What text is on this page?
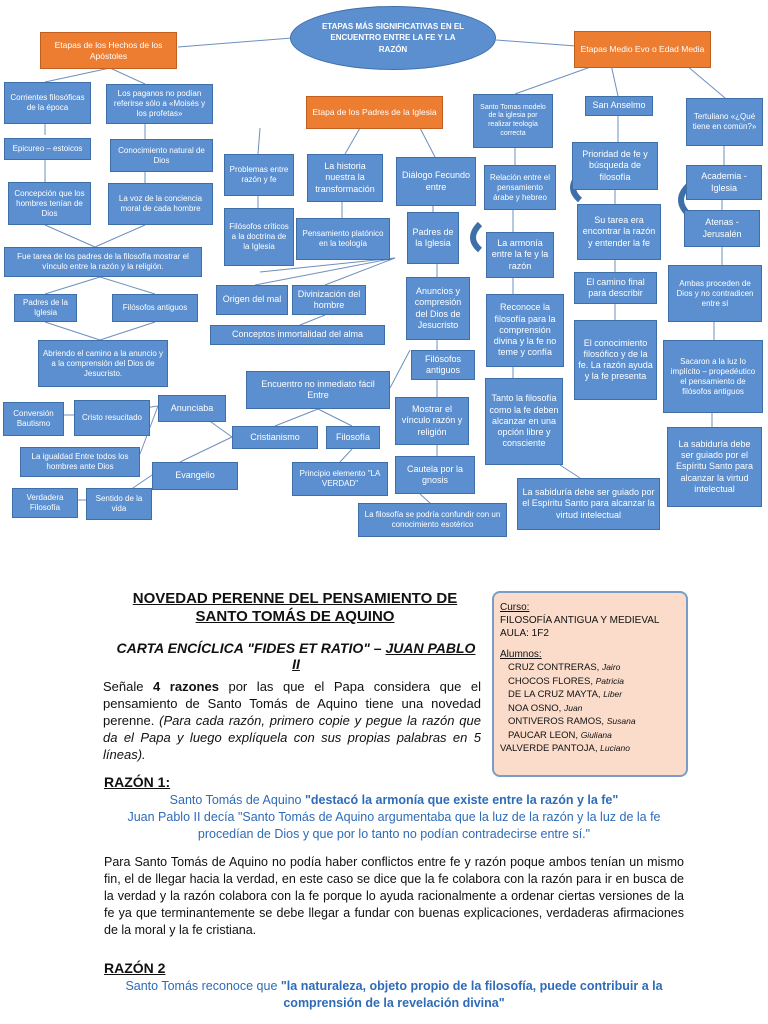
ETAPAS MÁS SIGNIFICATIVAS EN EL ENCUENTRO ENTRE LA FE Y LA RAZÓN
Etapas de los Hechos de los Apóstoles
Etapa de los Padres de la Iglesia
Etapas Medio Evo o Edad Media
Corrientes filosóficas de la época
Los paganos no podían referirse sólo a «Moisés y los profetas»
Epicureo – estoicos	Conocimiento natural de Dios
Concepción que los hombres tenían de Dios
La voz de la conciencia moral de cada hombre
Fue tarea de los padres de la filosofía mostrar el vínculo entre la razón y la religión.
Padres de la Iglesia
Filósofos antiguos
Abriendo el camino a la anuncio y a la comprensión del Dios de Jesucristo.
Problemas entre razón y fe
La historia nuestra la transformación
Diálogo Fecundo entre
Filósofos críticos a la doctrina de la Iglesia
Pensamiento platónico en la teología
Padres de la Iglesia
Origen del mal
Divinización del hombre
Conceptos inmortalidad del alma
Anuncios y compresión del Dios de Jesucristo
Filósofos antiguos
Mostrar el vínculo razón y religión
Cautela por la gnosis
La filosofía se podría confundir con un conocimiento esotérico
Encuentro no inmediato fácil Entre
Cristianismo	Filosofía
Principio elemento "LA VERDAD"
Anunciaba
Evangelio
Conversión Bautismo
Cristo resucitado
La igualdad Entre todos los hombres ante Dios
Verdadera Filosofía
Sentido de la vida
Santo Tomas modelo de la iglesia por realizar teología correcta
San Anselmo
Tertuliano «¿Qué tiene en común?»
Relación entre el pensamiento árabe y hebreo
Prioridad de fe y búsqueda de filosofía	Academia - Iglesia
La armonía entre la fe y la razón
Su tarea era encontrar la razón y entender la fe
Atenas - Jerusalén
Reconoce la filosofía para la comprensión divina y la fe no teme y confía
El camino final para describir
Ambas proceden de Dios y no contradicen entre sí
El conocimiento filosófico y de la fe. La razón ayuda y la fe presenta
Sacaron a la luz lo implícito – propedéutico el pensamiento de filósofos antiguos
Tanto la filosofía como la fe deben alcanzar en una opción libre y consciente
La sabiduría debe ser guiado por el Espíritu Santo para alcanzar la virtud intelectual
La sabiduría debe ser guiado por el Espíritu Santo para alcanzar la virtud intelectual
NOVEDAD PERENNE DEL PENSAMIENTO DE SANTO TOMÁS DE AQUINO
CARTA ENCÍCLICA "FIDES ET RATIO" – JUAN PABLO II
Señale 4 razones por las que el Papa considera que el pensamiento de Santo Tomás de Aquino tiene una novedad perenne. (Para cada razón, primero copie y pegue la razón que da el Papa y luego explíquela con sus propias palabras en 5 líneas).
Curso:
FILOSOFÍA ANTIGUA Y MEDIEVAL
AULA: 1F2
Alumnos:
CRUZ CONTRERAS, Jairo
CHOCOS FLORES, Patricia
DE LA CRUZ MAYTA, Liber
NOA OSNO, Juan
ONTIVEROS RAMOS, Susana
PAUCAR LEON, Giuliana
VALVERDE PANTOJA, Luciano
RAZÓN 1:
Santo Tomás de Aquino "destacó la armonía que existe entre la razón y la fe"
Juan Pablo II decía "Santo Tomás de Aquino argumentaba que la luz de la razón y la luz de la fe procedían de Dios y que por lo tanto no podían contradecirse entre sí."
Para Santo Tomás de Aquino no podía haber conflictos entre fe y razón poque ambos tenían un mismo fin, el de llegar hacia la verdad, en este caso se dice que la fe colabora con la razón para ir en busca de la verdad y la razón colabora con la fe porque lo ayuda racionalmente a ordenar ciertas versiones de la fe ya que terminantemente se debe llegar a fundar con buenas explicaciones, verdaderas afirmaciones de la moral y la fe cristiana.
RAZÓN 2
Santo Tomás reconoce que "la naturaleza, objeto propio de la filosofía, puede contribuir a la comprensión de la revelación divina"
